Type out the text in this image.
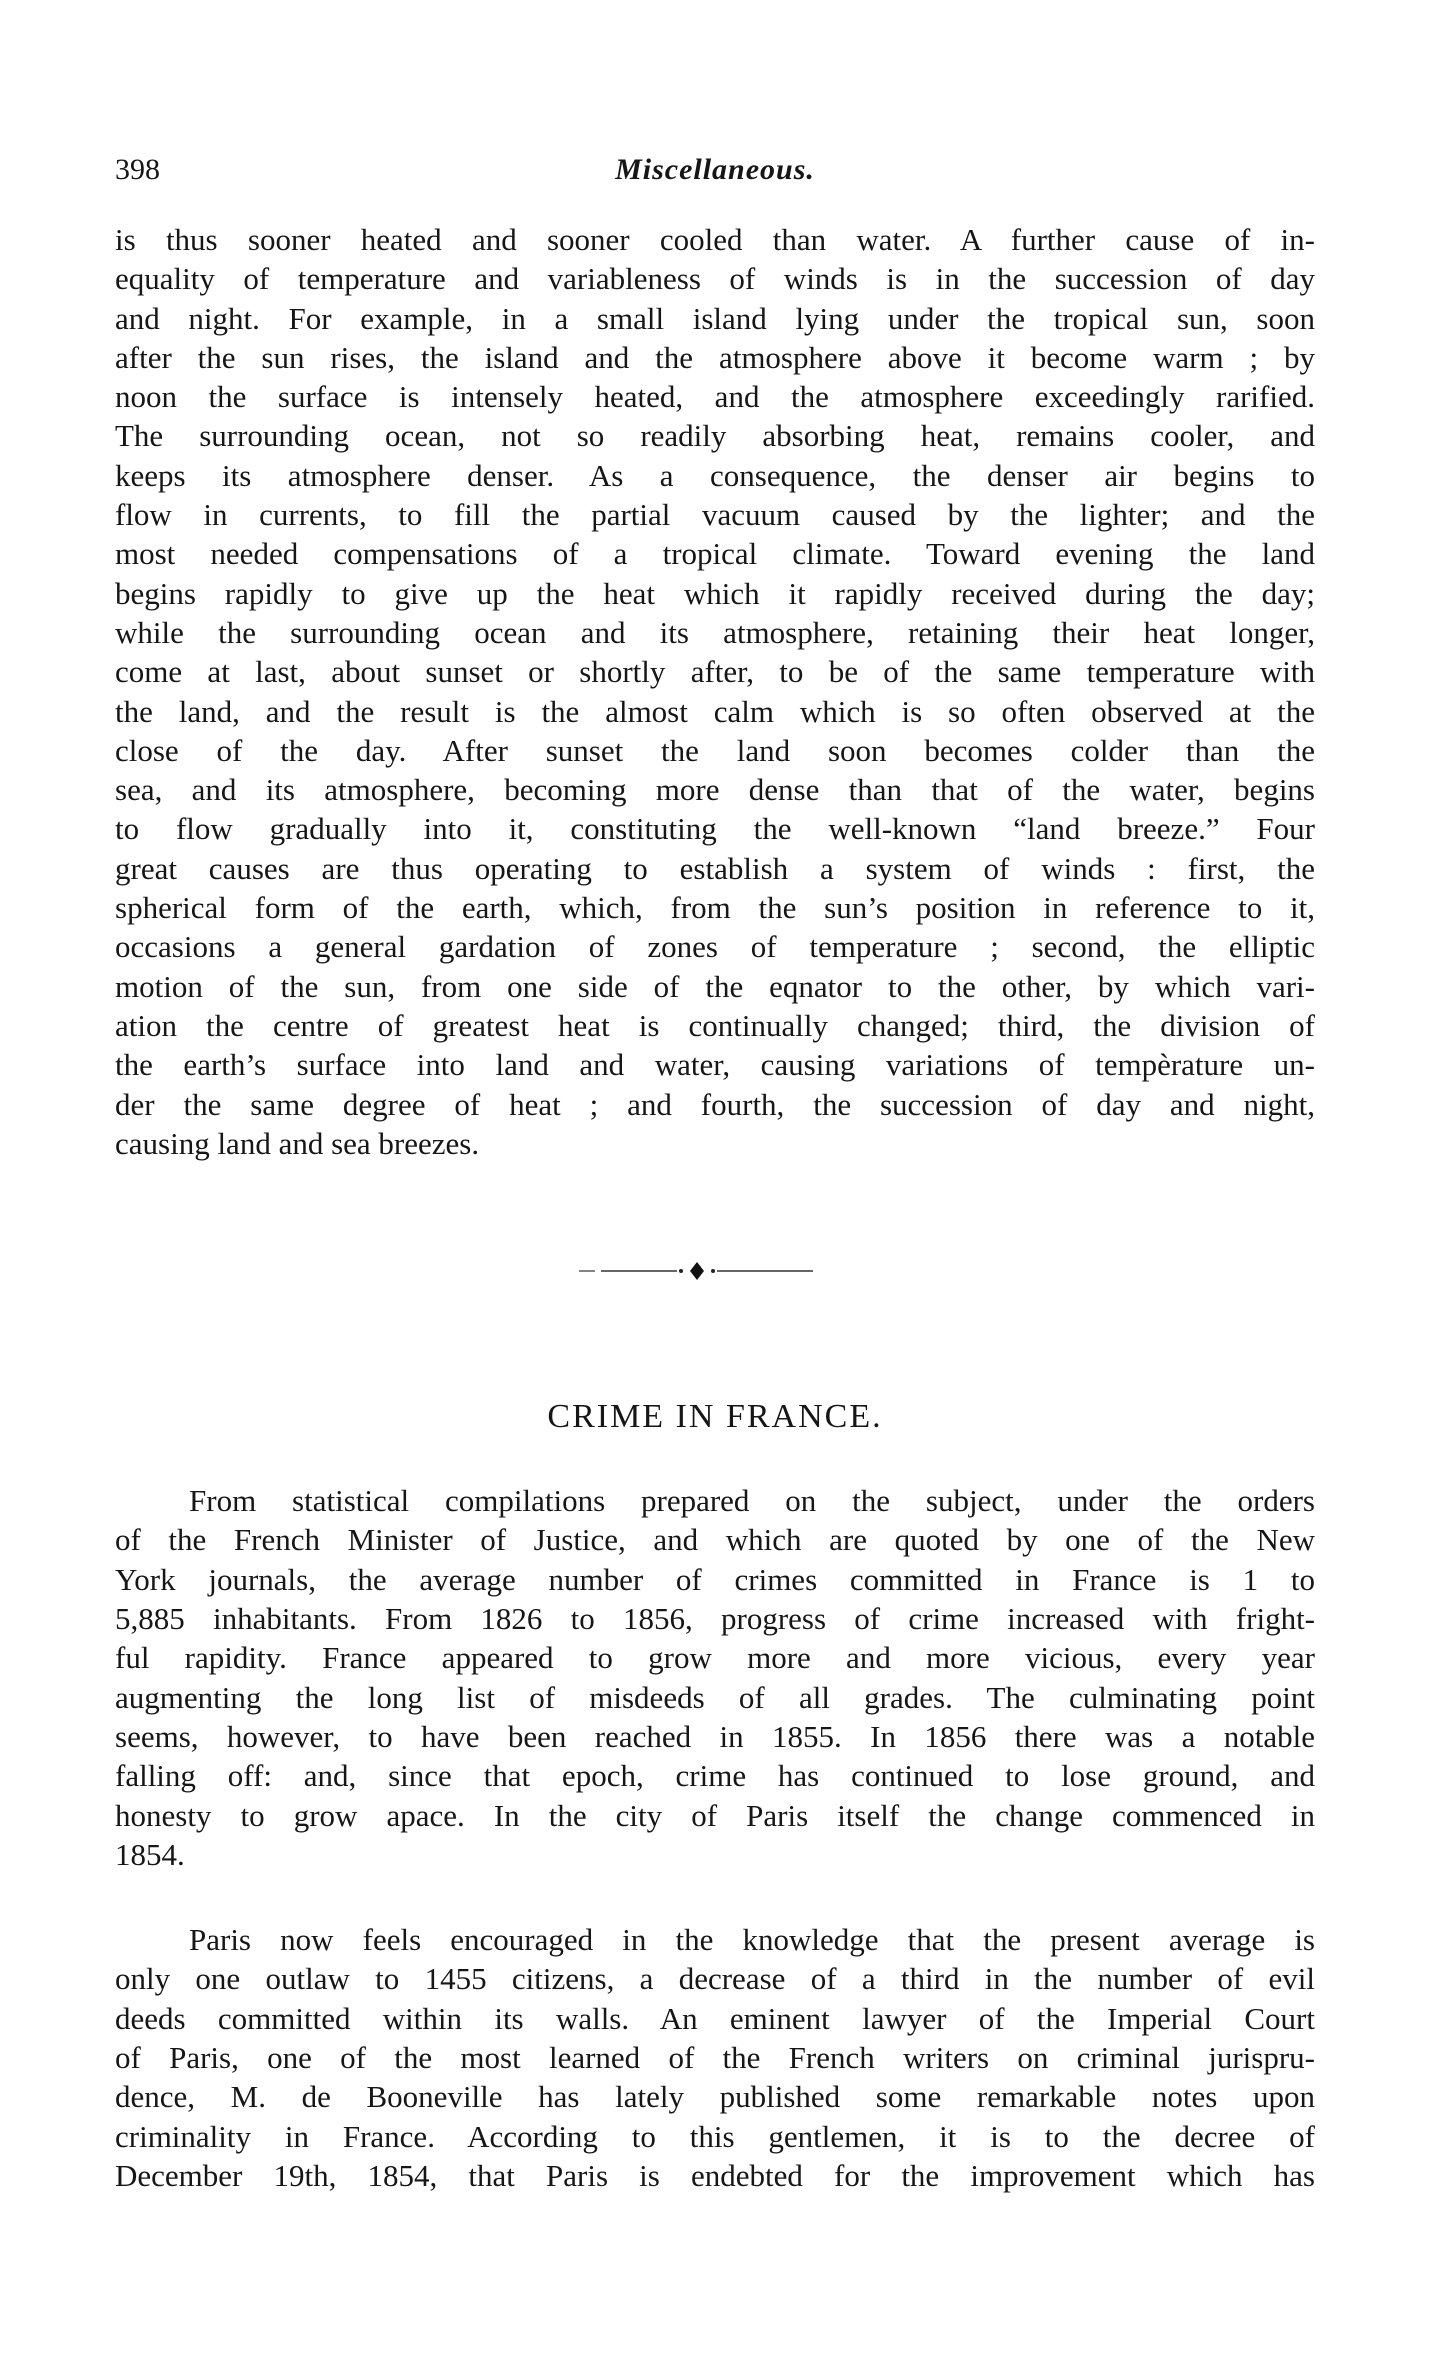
398	Miscellaneous.
is thus sooner heated and sooner cooled than water. A further cause of in-
equality of temperature and variableness of winds is in the succession of day
and night. For example, in a small island lying under the tropical sun, soon
after the sun rises, the island and the atmosphere above it become warm ; by
noon the surface is intensely heated, and the atmosphere exceedingly rarified.
The surrounding ocean, not so readily absorbing heat, remains cooler, and
keeps its atmosphere denser. As a consequence, the denser air begins to
flow in currents, to fill the partial vacuum caused by the lighter; and the
most needed compensations of a tropical climate. Toward evening the land
begins rapidly to give up the heat which it rapidly received during the day;
while the surrounding ocean and its atmosphere, retaining their heat longer,
come at last, about sunset or shortly after, to be of the same temperature with
the land, and the result is the almost calm which is so often observed at the
close of the day. After sunset the land soon becomes colder than the
sea, and its atmosphere, becoming more dense than that of the water, begins
to flow gradually into it, constituting the well-known “land breeze.” Four
great causes are thus operating to establish a system of winds : first, the
spherical form of the earth, which, from the sun’s position in reference to it,
occasions a general gardation of zones of temperature ; second, the elliptic
motion of the sun, from one side of the eqnator to the other, by which vari-
ation the centre of greatest heat is continually changed; third, the division of
the earth’s surface into land and water, causing variations of tempèrature un-
der the same degree of heat ; and fourth, the succession of day and night,
causing land and sea breezes.
CRIME IN FRANCE.
From statistical compilations prepared on the subject, under the orders
of the French Minister of Justice, and which are quoted by one of the New
York journals, the average number of crimes committed in France is 1 to
5,885 inhabitants. From 1826 to 1856, progress of crime increased with fright-
ful rapidity. France appeared to grow more and more vicious, every year
augmenting the long list of misdeeds of all grades. The culminating point
seems, however, to have been reached in 1855. In 1856 there was a notable
falling off: and, since that epoch, crime has continued to lose ground, and
honesty to grow apace. In the city of Paris itself the change commenced in
1854.
Paris now feels encouraged in the knowledge that the present average is
only one outlaw to 1455 citizens, a decrease of a third in the number of evil
deeds committed within its walls. An eminent lawyer of the Imperial Court
of Paris, one of the most learned of the French writers on criminal jurispru-
dence, M. de Booneville has lately published some remarkable notes upon
criminality in France. According to this gentlemen, it is to the decree of
December 19th, 1854, that Paris is endebted for the improvement which has
